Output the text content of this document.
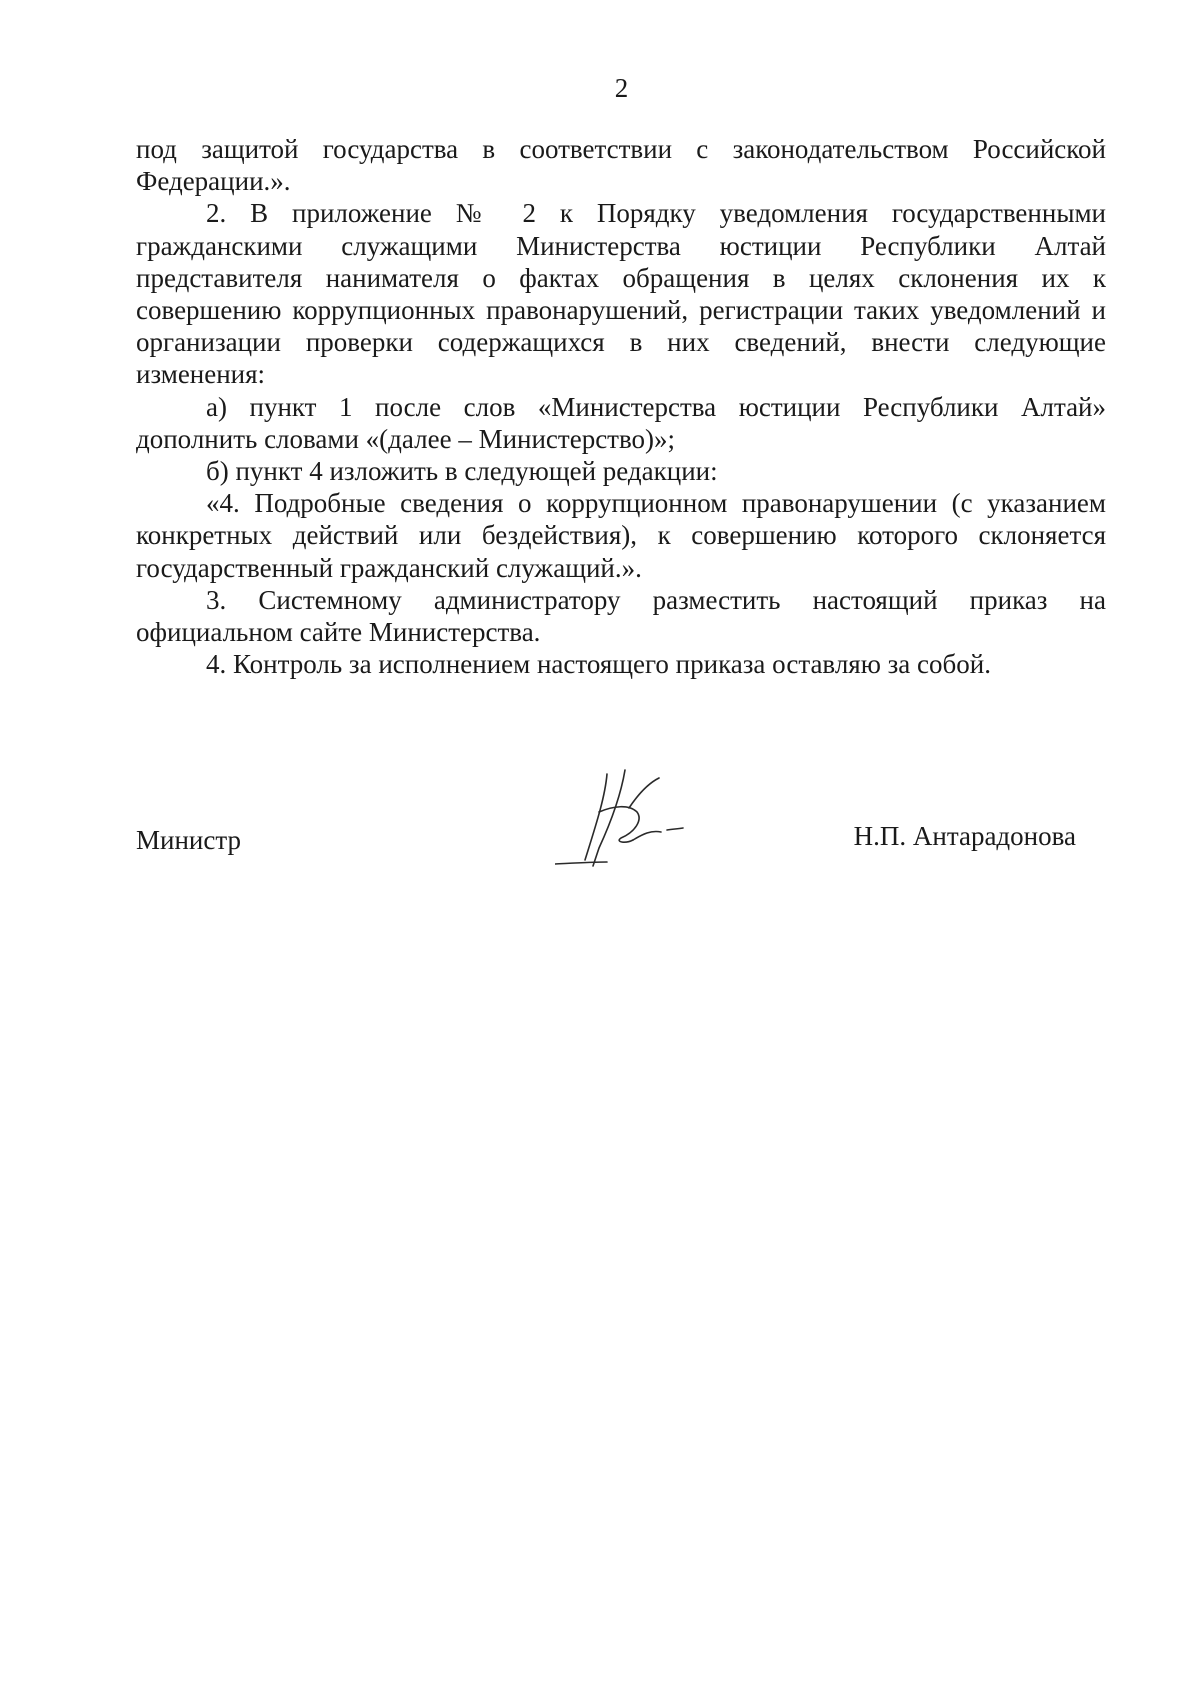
2

под защитой государства в соответствии с законодательством Российской Федерации.».

2. В приложение № 2 к Порядку уведомления государственными гражданскими служащими Министерства юстиции Республики Алтай представителя нанимателя о фактах обращения в целях склонения их к совершению коррупционных правонарушений, регистрации таких уведомлений и организации проверки содержащихся в них сведений, внести следующие изменения:

а) пункт 1 после слов «Министерства юстиции Республики Алтай» дополнить словами «(далее – Министерство)»;

б) пункт 4 изложить в следующей редакции:

«4. Подробные сведения о коррупционном правонарушении (с указанием конкретных действий или бездействия), к совершению которого склоняется государственный гражданский служащий.».

3. Системному администратору разместить настоящий приказ на официальном сайте Министерства.

4. Контроль за исполнением настоящего приказа оставляю за собой.

Министр	Н.П. Антарадонова
